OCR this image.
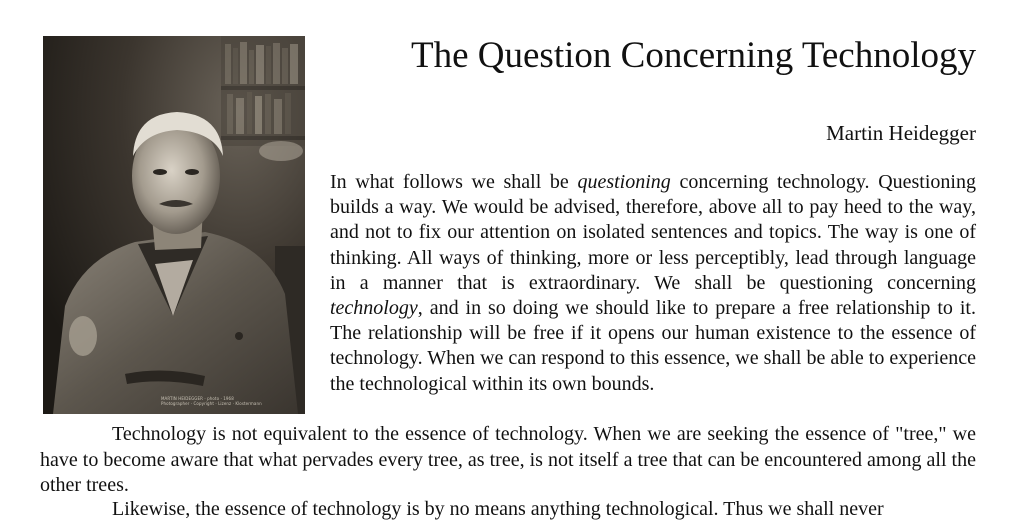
MARTIN HEIDEGGER · photo · 1968
Photographer · Copyright · Lizenz · Klostermann
The Question Concerning Technology
Martin Heidegger

In what follows we shall be questioning concerning technology. Questioning builds a way. We would be advised, therefore, above all to pay heed to the way, and not to fix our attention on isolated sentences and topics. The way is one of thinking. All ways of thinking, more or less perceptibly, lead through language in a manner that is extraordinary. We shall be questioning concerning technology, and in so doing we should like to prepare a free relationship to it. The relationship will be free if it opens our human existence to the essence of technology. When we can respond to this essence, we shall be able to experience the technological within its own bounds.

Technology is not equivalent to the essence of technology. When we are seeking the essence of "tree," we have to become aware that what pervades every tree, as tree, is not itself a tree that can be encountered among all the other trees.

Likewise, the essence of technology is by no means anything technological. Thus we shall never
